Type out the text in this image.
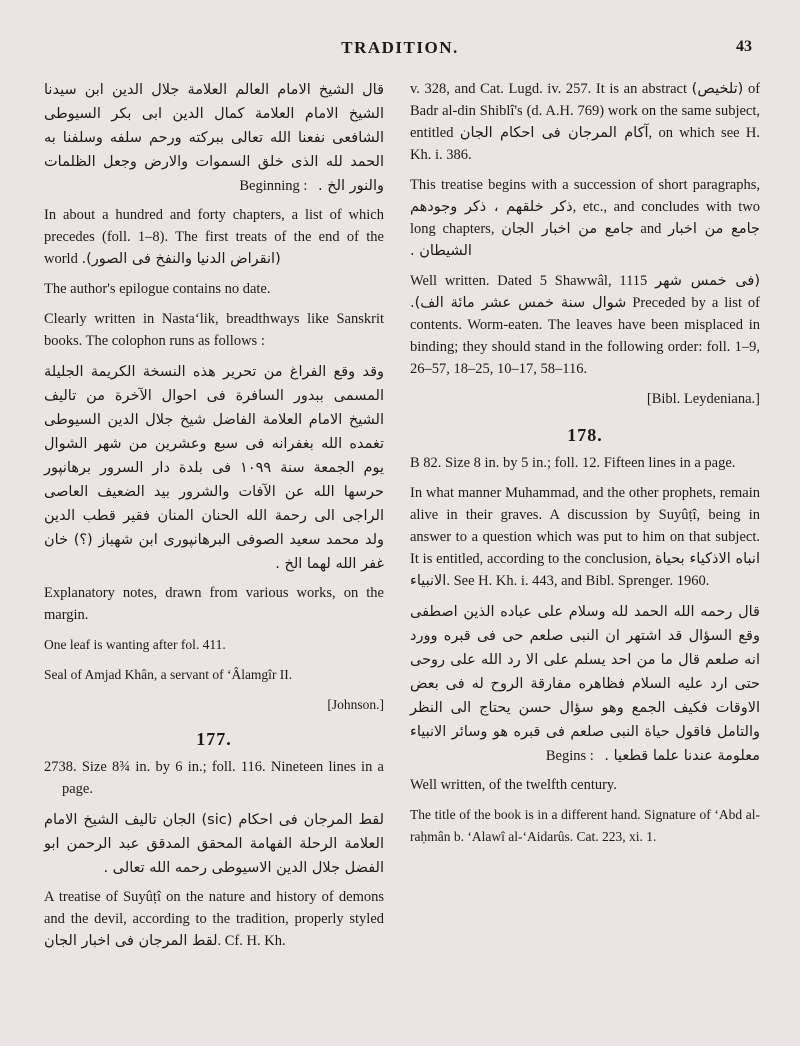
TRADITION.	43

قال الشيخ الامام العالم العلامة جلال الدين ابن سيدنا الشيخ الامام العلامة كمال الدين ابى بكر السيوطى الشافعى نفعنا الله تعالى ببركته ورحم سلفه وسلفنا به الحمد لله الذى خلق السموات والارض وجعل الظلمات والنور الخ . Beginning :

In about a hundred and forty chapters, a list of which precedes (foll. 1–8). The first treats of the end of the world (انقراض الدنيا والنفخ فى الصور).

The author's epilogue contains no date.

Clearly written in Nasta‘lik, breadthways like Sanskrit books. The colophon runs as follows :

وقد وقع الفراغ من تحرير هذه النسخة الكريمة الجليلة المسمى ببدور السافرة فى احوال الآخرة من تاليف الشيخ الامام العلامة الفاضل شيخ جلال الدين السيوطى تغمده الله بغفرانه فى سبع وعشرين من شهر الشوال يوم الجمعة سنة ١٠٩٩ فى بلدة دار السرور برهانپور حرسها الله عن الآفات والشرور بيد الضعيف العاصى الراجى الى رحمة الله الحنان المنان فقير قطب الدين ولد محمد سعيد الصوفى البرهانپورى ابن شهباز (؟) خان غفر الله لهما الخ .

Explanatory notes, drawn from various works, on the margin.

One leaf is wanting after fol. 411.

Seal of Amjad Khân, a servant of ‘Âlamgîr II.

[Johnson.]
177.

2738. Size 8¾ in. by 6 in.; foll. 116. Nineteen lines in a page.

لقط المرجان فى احكام (sic) الجان تاليف الشيخ الامام العلامة الرحلة الفهامة المحقق المدقق عبد الرحمن ابو الفضل جلال الدين الاسيوطى رحمه الله تعالى .

A treatise of Suyûṭî on the nature and history of demons and the devil, according to the tradition, properly styled لقط المرجان فى اخبار الجان. Cf. H. Kh.

v. 328, and Cat. Lugd. iv. 257. It is an abstract (تلخيص) of Badr al-din Shiblî's (d. A.H. 769) work on the same subject, entitled آكام المرجان فى احكام الجان, on which see H. Kh. i. 386.

This treatise begins with a succession of short paragraphs, ذكر خلقهم ، ذكر وجودهم, etc., and concludes with two long chapters, جامع من اخبار الجان and جامع من اخبار الشيطان .

Well written. Dated 5 Shawwâl, 1115 (فى خمس شهر شوال سنة خمس عشر مائة الف). Preceded by a list of contents. Worm-eaten. The leaves have been misplaced in binding; they should stand in the following order: foll. 1–9, 26–57, 18–25, 10–17, 58–116.

[Bibl. Leydeniana.]
178.

B 82. Size 8 in. by 5 in.; foll. 12. Fifteen lines in a page.

In what manner Muhammad, and the other prophets, remain alive in their graves. A discussion by Suyûṭî, being in answer to a question which was put to him on that subject. It is entitled, according to the conclusion, انباه الاذكياء بحياة الانبياء. See H. Kh. i. 443, and Bibl. Sprenger. 1960.

قال رحمه الله الحمد لله وسلام على عباده الذين اصطفى وقع السؤال قد اشتهر ان النبى صلعم حى فى قبره وورد انه صلعم قال ما من احد يسلم على الا رد الله على روحى حتى ارد عليه السلام فظاهره مفارقة الروح له فى بعض الاوقات فكيف الجمع وهو سؤال حسن يحتاج الى النظر والتامل فاقول حياة النبى صلعم فى قبره هو وسائر الانبياء معلومة عندنا علما قطعيا . Begins :

Well written, of the twelfth century.

The title of the book is in a different hand. Signature of ‘Abd al-raḥmân b. ‘Alawî al-‘Aidarûs. Cat. 223, xi. 1.
